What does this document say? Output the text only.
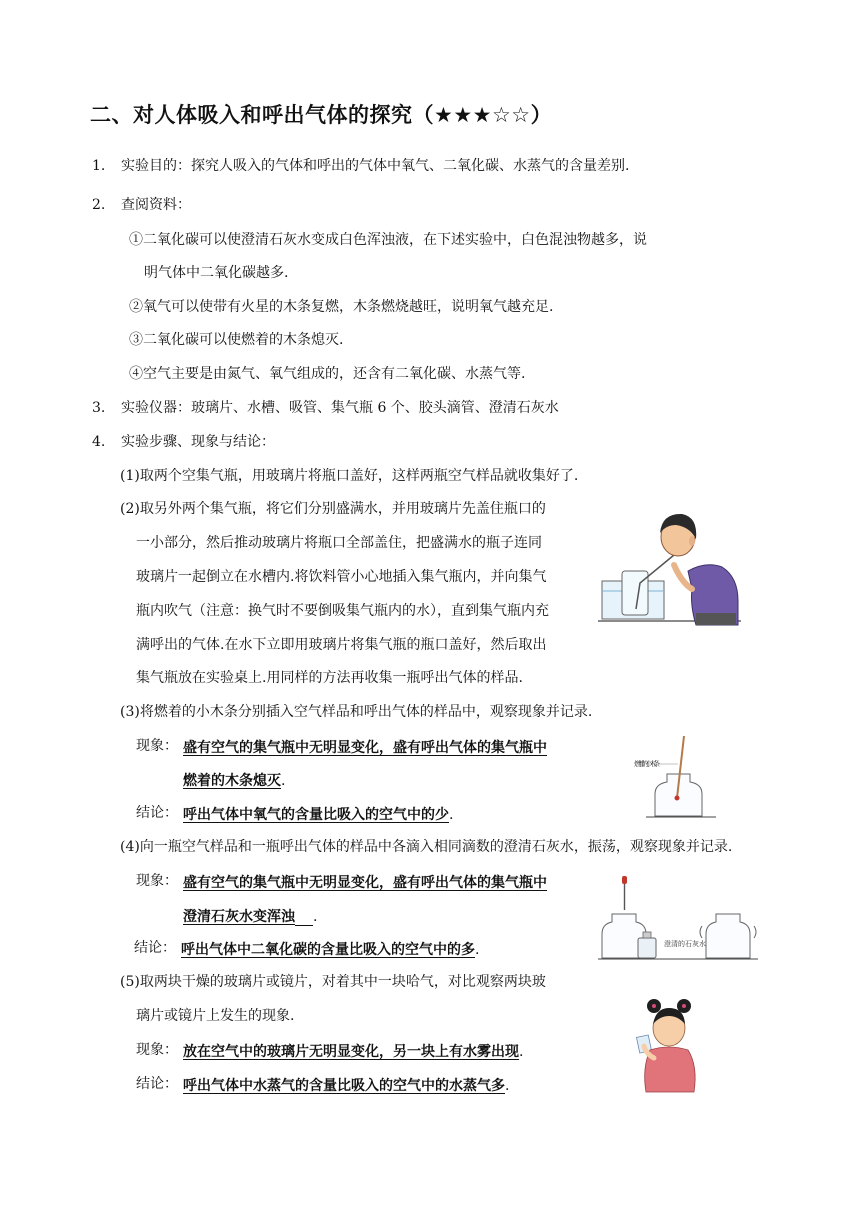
二、对人体吸入和呼出气体的探究（★★★☆☆）
1. 实验目的：探究人吸入的气体和呼出的气体中氧气、二氧化碳、水蒸气的含量差别.
2. 查阅资料：
①二氧化碳可以使澄清石灰水变成白色浑浊液，在下述实验中，白色混浊物越多，说
明气体中二氧化碳越多.
②氧气可以使带有火星的木条复燃，木条燃烧越旺，说明氧气越充足.
③二氧化碳可以使燃着的木条熄灭.
④空气主要是由氮气、氧气组成的，还含有二氧化碳、水蒸气等.
3. 实验仪器：玻璃片、水槽、吸管、集气瓶 6 个、胶头滴管、澄清石灰水
4. 实验步骤、现象与结论：
(1)取两个空集气瓶，用玻璃片将瓶口盖好，这样两瓶空气样品就收集好了.
(2)取另外两个集气瓶，将它们分别盛满水，并用玻璃片先盖住瓶口的
一小部分，然后推动玻璃片将瓶口全部盖住，把盛满水的瓶子连同
玻璃片一起倒立在水槽内.将饮料管小心地插入集气瓶内，并向集气
瓶内吹气（注意：换气时不要倒吸集气瓶内的水），直到集气瓶内充
满呼出的气体.在水下立即用玻璃片将集气瓶的瓶口盖好，然后取出
集气瓶放在实验桌上.用同样的方法再收集一瓶呼出气体的样品.
(3)将燃着的小木条分别插入空气样品和呼出气体的样品中，观察现象并记录.
现象： 盛有空气的集气瓶中无明显变化，盛有呼出气体的集气瓶中
燃着的木条熄灭.
结论： 呼出气体中氧气的含量比吸入的空气中的少.
(4)向一瓶空气样品和一瓶呼出气体的样品中各滴入相同滴数的澄清石灰水，振荡，观察现象并记录.
现象： 盛有空气的集气瓶中无明显变化，盛有呼出气体的集气瓶中
澄清石灰水变浑浊 .
结论： 呼出气体中二氧化碳的含量比吸入的空气中的多.
(5)取两块干燥的玻璃片或镜片，对着其中一块哈气，对比观察两块玻
璃片或镜片上发生的现象.
现象： 放在空气中的玻璃片无明显变化，另一块上有水雾出现.
结论： 呼出气体中水蒸气的含量比吸入的空气中的水蒸气多.
燃着的小木条
澄清的石灰水
